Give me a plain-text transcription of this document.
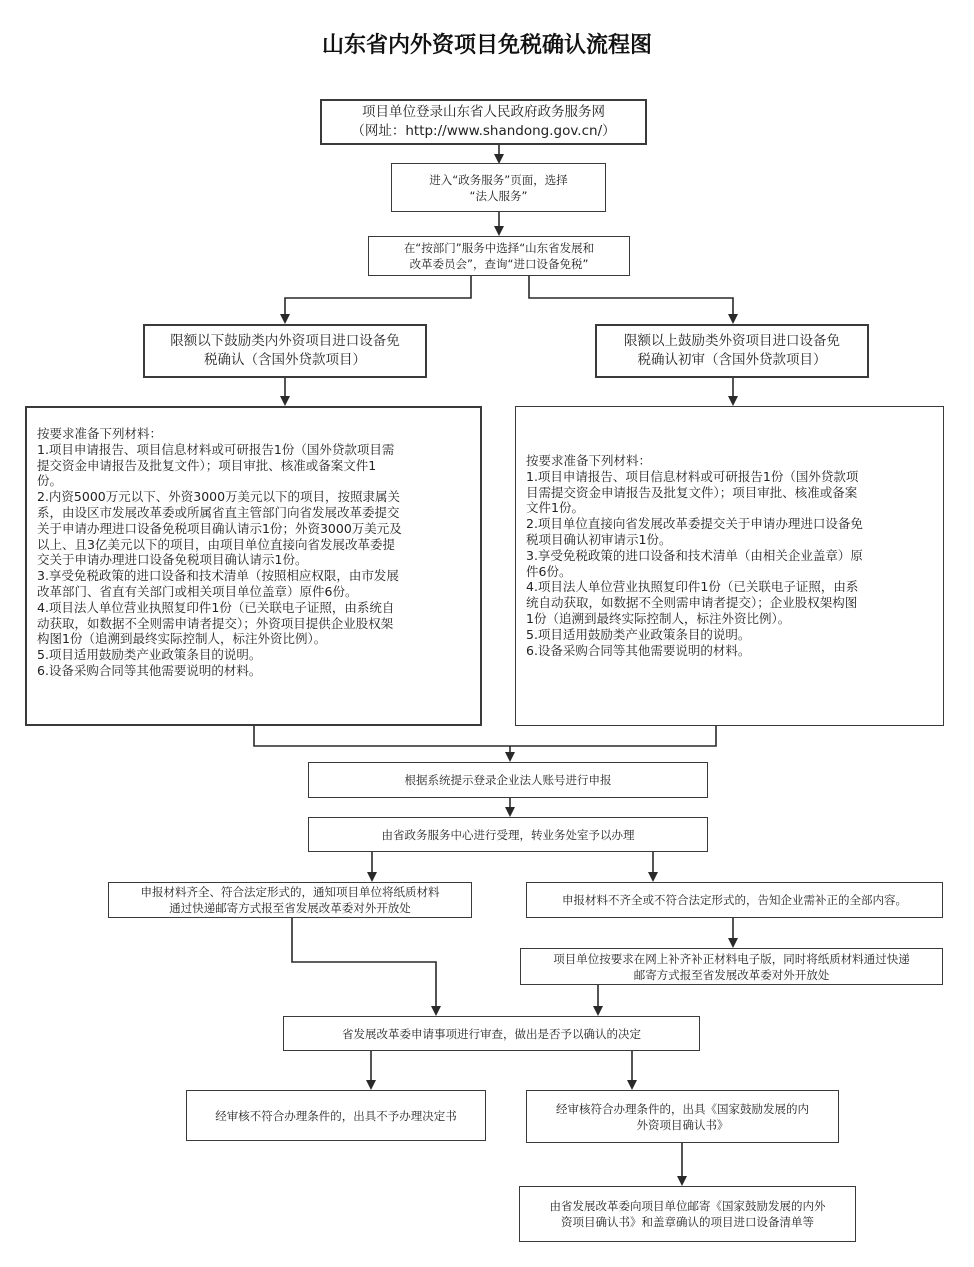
山东省内外资项目免税确认流程图
项目单位登录山东省人民政府政务服务网
（网址：http://www.shandong.gov.cn/）
进入“政务服务”页面，选择
“法人服务”
在“按部门”服务中选择“山东省发展和
改革委员会”，查询“进口设备免税”
限额以下鼓励类内外资项目进口设备免
税确认（含国外贷款项目）
限额以上鼓励类外资项目进口设备免
税确认初审（含国外贷款项目）
按要求准备下列材料：
1.项目申请报告、项目信息材料或可研报告1份（国外贷款项目需
提交资金申请报告及批复文件）；项目审批、核准或备案文件1
份。
2.内资5000万元以下、外资3000万美元以下的项目，按照隶属关
系，由设区市发展改革委或所属省直主管部门向省发展改革委提交
关于申请办理进口设备免税项目确认请示1份；外资3000万美元及
以上、且3亿美元以下的项目，由项目单位直接向省发展改革委提
交关于申请办理进口设备免税项目确认请示1份。
3.享受免税政策的进口设备和技术清单（按照相应权限，由市发展
改革部门、省直有关部门或相关项目单位盖章）原件6份。
4.项目法人单位营业执照复印件1份（已关联电子证照，由系统自
动获取，如数据不全则需申请者提交）；外资项目提供企业股权架
构图1份（追溯到最终实际控制人，标注外资比例）。
5.项目适用鼓励类产业政策条目的说明。
6.设备采购合同等其他需要说明的材料。
按要求准备下列材料：
1.项目申请报告、项目信息材料或可研报告1份（国外贷款项
目需提交资金申请报告及批复文件）；项目审批、核准或备案
文件1份。
2.项目单位直接向省发展改革委提交关于申请办理进口设备免
税项目确认初审请示1份。
3.享受免税政策的进口设备和技术清单（由相关企业盖章）原
件6份。
4.项目法人单位营业执照复印件1份（已关联电子证照，由系
统自动获取，如数据不全则需申请者提交）；企业股权架构图
1份（追溯到最终实际控制人，标注外资比例）。
5.项目适用鼓励类产业政策条目的说明。
6.设备采购合同等其他需要说明的材料。
根据系统提示登录企业法人账号进行申报
由省政务服务中心进行受理，转业务处室予以办理
申报材料齐全、符合法定形式的，通知项目单位将纸质材料
通过快递邮寄方式报至省发展改革委对外开放处
申报材料不齐全或不符合法定形式的，告知企业需补正的全部内容。
项目单位按要求在网上补齐补正材料电子版，同时将纸质材料通过快递
邮寄方式报至省发展改革委对外开放处
省发展改革委申请事项进行审查，做出是否予以确认的决定
经审核不符合办理条件的，出具不予办理决定书	经审核符合办理条件的，出具《国家鼓励发展的内
外资项目确认书》
由省发展改革委向项目单位邮寄《国家鼓励发展的内外
资项目确认书》和盖章确认的项目进口设备清单等
